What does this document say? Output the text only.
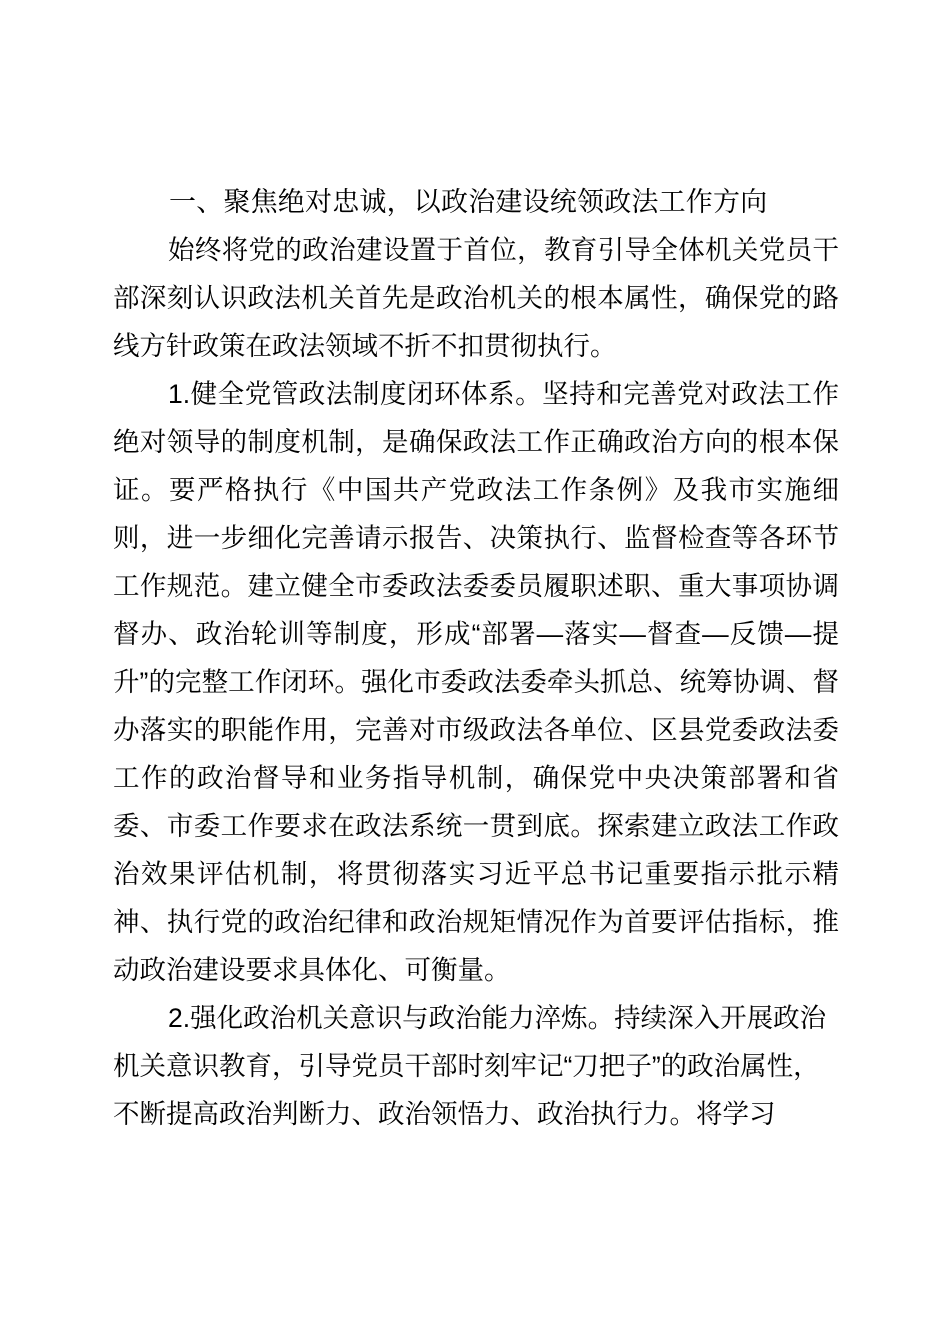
一、聚焦绝对忠诚，以政治建设统领政法工作方向

始终将党的政治建设置于首位，教育引导全体机关党员干部深刻认识政法机关首先是政治机关的根本属性，确保党的路线方针政策在政法领域不折不扣贯彻执行。

1.健全党管政法制度闭环体系。坚持和完善党对政法工作绝对领导的制度机制，是确保政法工作正确政治方向的根本保证。要严格执行《中国共产党政法工作条例》及我市实施细则，进一步细化完善请示报告、决策执行、监督检查等各环节工作规范。建立健全市委政法委委员履职述职、重大事项协调督办、政治轮训等制度，形成“部署—落实—督查—反馈—提升”的完整工作闭环。强化市委政法委牵头抓总、统筹协调、督办落实的职能作用，完善对市级政法各单位、区县党委政法委工作的政治督导和业务指导机制，确保党中央决策部署和省委、市委工作要求在政法系统一贯到底。探索建立政法工作政治效果评估机制，将贯彻落实习近平总书记重要指示批示精神、执行党的政治纪律和政治规矩情况作为首要评估指标，推动政治建设要求具体化、可衡量。

2.强化政治机关意识与政治能力淬炼。持续深入开展政治机关意识教育，引导党员干部时刻牢记“刀把子”的政治属性，不断提高政治判断力、政治领悟力、政治执行力。将学习
